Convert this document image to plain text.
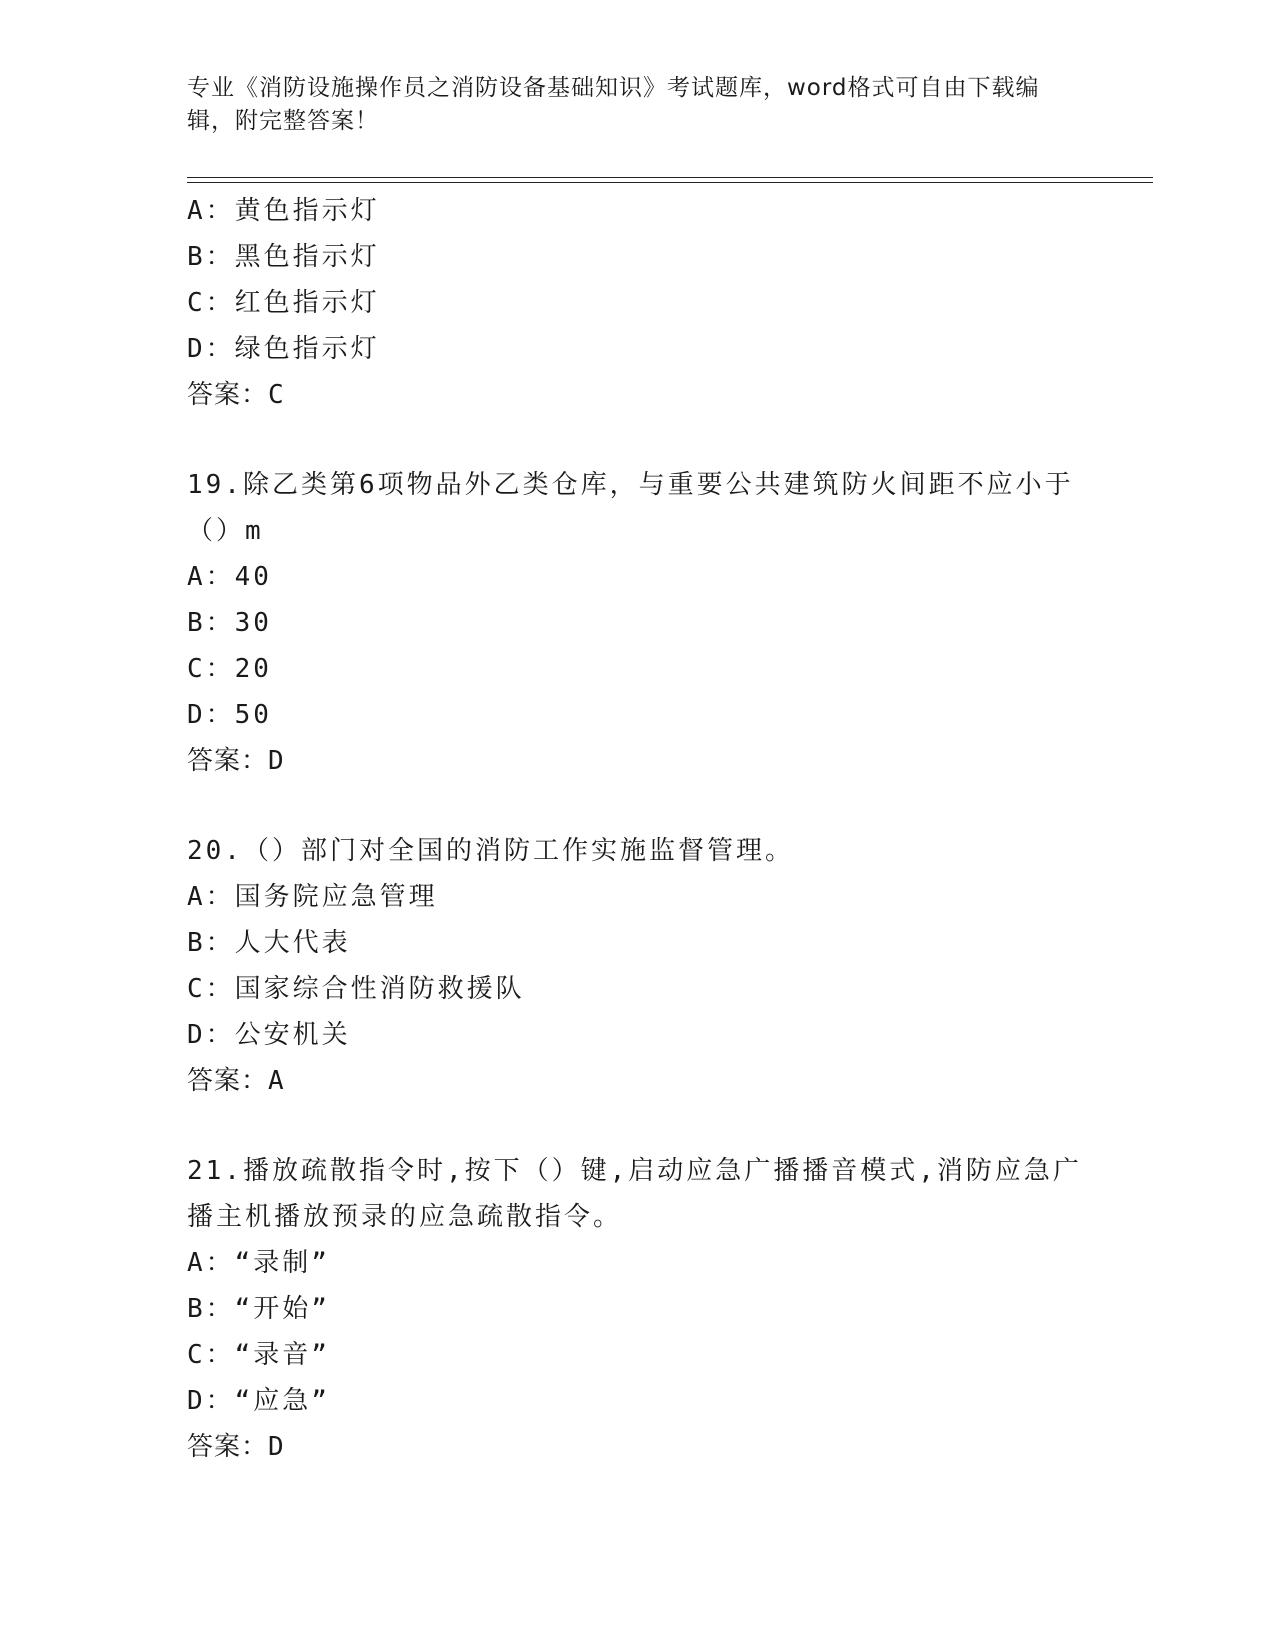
专业《消防设施操作员之消防设备基础知识》考试题库，word格式可自由下载编
辑，附完整答案！
A：黄色指示灯
B：黑色指示灯
C：红色指示灯
D：绿色指示灯
答案：C
19.除乙类第6项物品外乙类仓库，与重要公共建筑防火间距不应小于
（）m
A：40
B：30
C：20
D：50
答案：D
20.（）部门对全国的消防工作实施监督管理。
A：国务院应急管理
B：人大代表
C：国家综合性消防救援队
D：公安机关
答案：A
21.播放疏散指令时,按下（）键,启动应急广播播音模式,消防应急广
播主机播放预录的应急疏散指令。
A：“录制”
B：“开始”
C：“录音”
D：“应急”
答案：D
